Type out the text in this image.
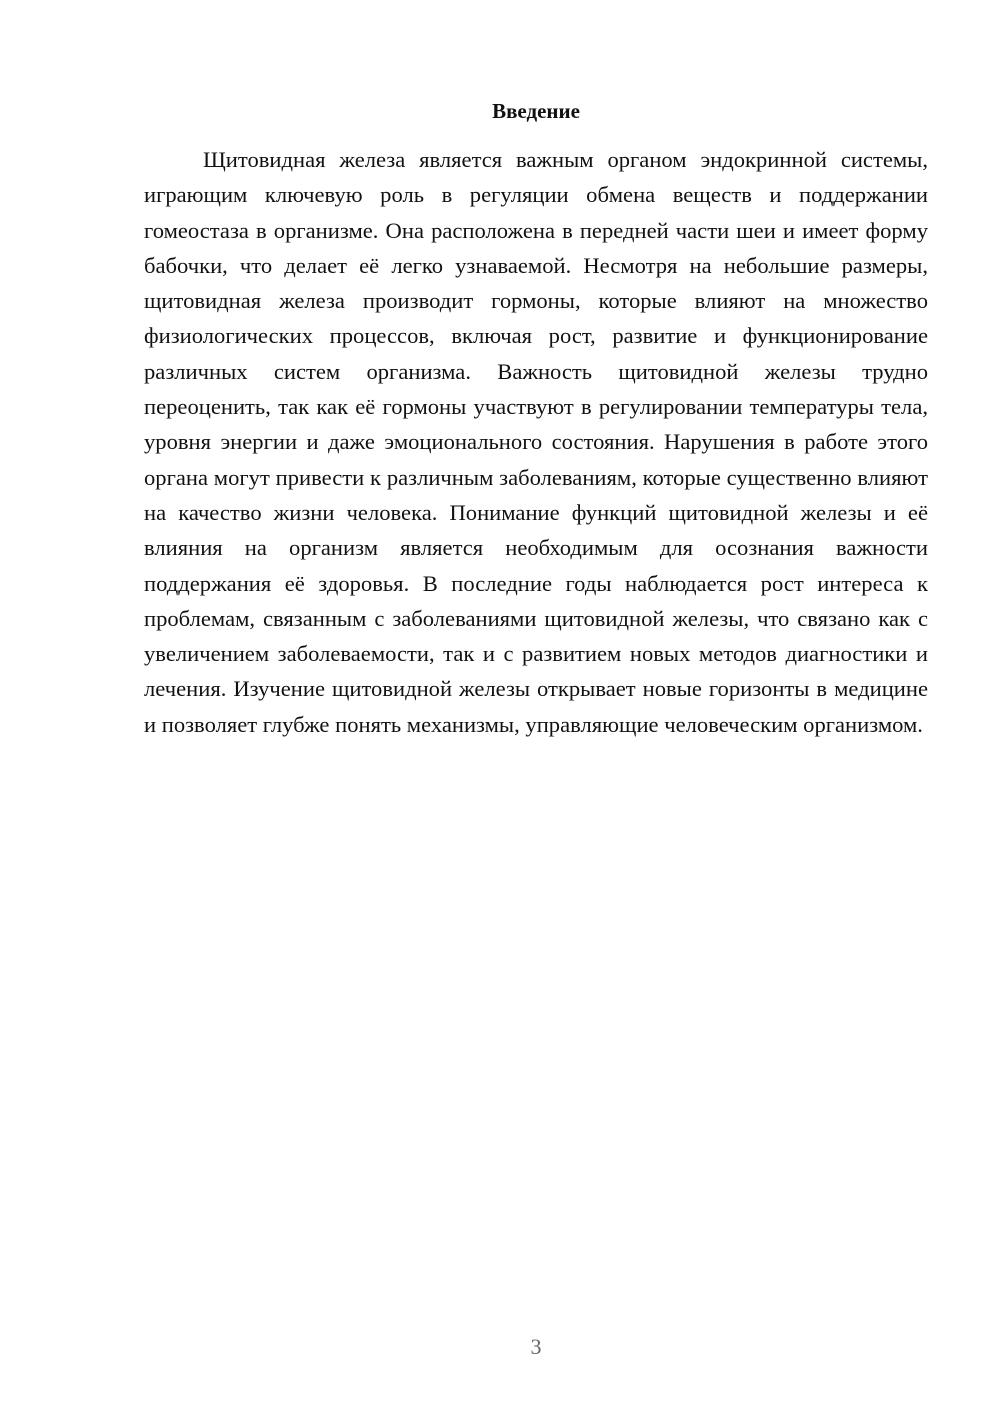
Введение

Щитовидная железа является важным органом эндокринной системы, играющим ключевую роль в регуляции обмена веществ и поддержании гомеостаза в организме. Она расположена в передней части шеи и имеет форму бабочки, что делает её легко узнаваемой. Несмотря на небольшие размеры, щитовидная железа производит гормоны, которые влияют на множество физиологических процессов, включая рост, развитие и функционирование различных систем организма. Важность щитовидной железы трудно переоценить, так как её гормоны участвуют в регулировании температуры тела, уровня энергии и даже эмоционального состояния. Нарушения в работе этого органа могут привести к различным заболеваниям, которые существенно влияют на качество жизни человека. Понимание функций щитовидной железы и её влияния на организм является необходимым для осознания важности поддержания её здоровья. В последние годы наблюдается рост интереса к проблемам, связанным с заболеваниями щитовидной железы, что связано как с увеличением заболеваемости, так и с развитием новых методов диагностики и лечения. Изучение щитовидной железы открывает новые горизонты в медицине и позволяет глубже понять механизмы, управляющие человеческим организмом.

3
